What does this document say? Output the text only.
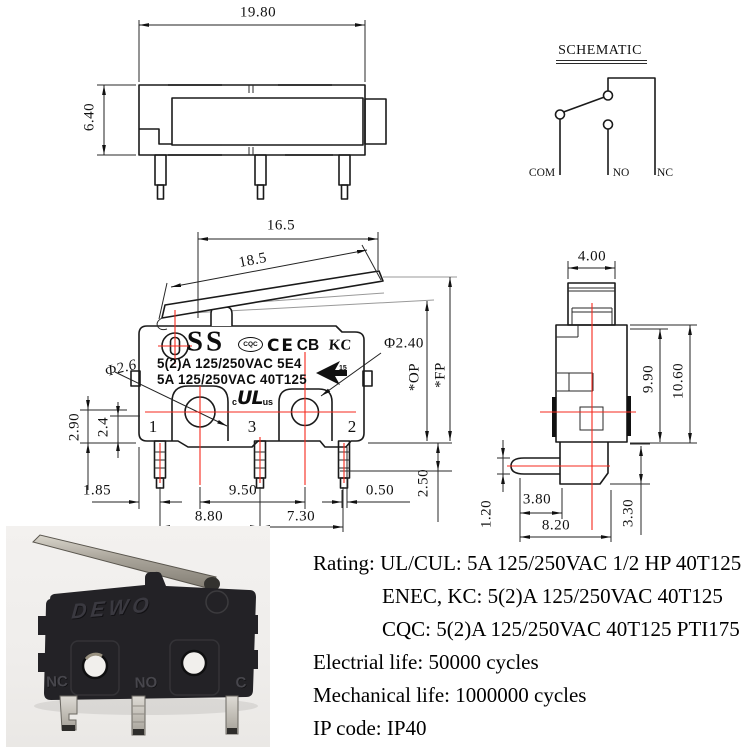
DEWO
NC	NO	C
19.80
6.40
SCHEMATIC
COM	NO NC
16.5
18.5
Φ2.6
Φ2.40
2.90 2.4
1.85	9.50	0.50
8.80	7.30
2.50
*OP *FP
SS	CQC CE CB KC
15
5(2)A 125/250VAC 5E4
5A 125/250VAC 40T125
c UL us
1	3	2
4.00
9.90 10.60
3.80
8.20	3.30
1.20
Rating: UL/CUL: 5A 125/250VAC 1/2 HP 40T125
ENEC, KC: 5(2)A 125/250VAC 40T125
CQC: 5(2)A 125/250VAC 40T125 PTI175
Electrial life: 50000 cycles
Mechanical life: 1000000 cycles
IP code: IP40
